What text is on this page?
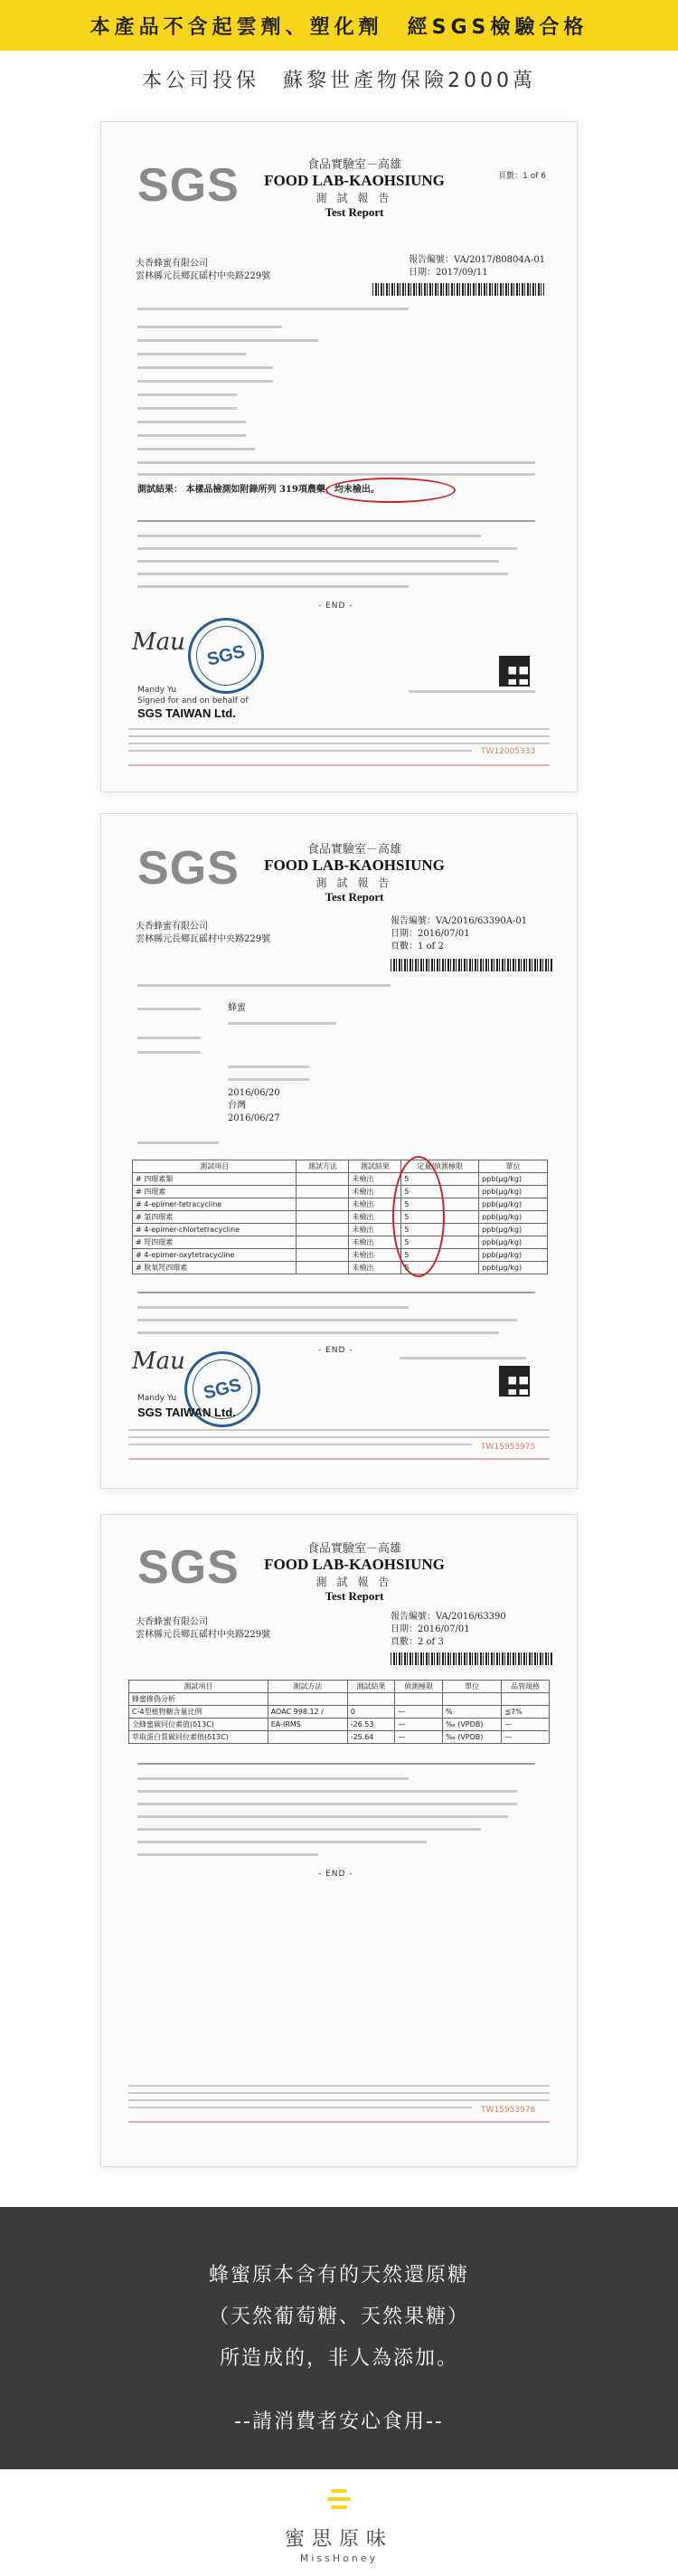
本產品不含起雲劑、塑化劑　經SGS檢驗合格
本公司投保　蘇黎世產物保險2000萬
SGS	食品實驗室－高雄
FOOD LAB-KAOHSIUNG
測 試 報 告
Test Report
頁數：1 of 6
夫香蜂蜜有限公司
雲林縣元長鄉瓦磘村中央路229號
報告編號：VA/2017/80804A-01
日期：2017/09/11
測試結果： 本樣品檢測如附錄所列 319項農藥，均未檢出。
- END -
Mau	SGS
Mandy Yu
Signed for and on behalf of
SGS TAIWAN Ltd.
TW12005333
SGS	食品實驗室－高雄
FOOD LAB-KAOHSIUNG
測 試 報 告
Test Report
夫香蜂蜜有限公司
雲林縣元長鄉瓦磘村中央路229號
報告編號：VA/2016/63390A-01
日期：2016/07/01
頁數：1 of 2
蜂蜜
2016/06/20
台灣
2016/06/27
測試項目	測試方法	測試結果	定量/偵測極限	單位
# 四環素類		未檢出	5	ppb(μg/kg)
# 四環素		未檢出	5	ppb(μg/kg)
# 4-epimer-tetracycline		未檢出	5	ppb(μg/kg)
# 氯四環素		未檢出	5	ppb(μg/kg)
# 4-epimer-chlortetracycline		未檢出	5	ppb(μg/kg)
# 羥四環素		未檢出	5	ppb(μg/kg)
# 4-epimer-oxytetracycline		未檢出	5	ppb(μg/kg)
# 脫氧羥四環素		未檢出	5	ppb(μg/kg)
- END -
Mau
SGS
Mandy Yu
SGS TAIWAN Ltd.
TW15953975
SGS	食品實驗室－高雄
FOOD LAB-KAOHSIUNG
測 試 報 告
Test Report
夫香蜂蜜有限公司
雲林縣元長鄉瓦磘村中央路229號
報告編號：VA/2016/63390
日期：2016/07/01
頁數：2 of 3
測試項目	測試方法	測試結果	偵測極限	單位	品管規格
蜂蜜摻偽分析					
C-4型植物糖含量比例	AOAC 998.12 /	0	—	%	≦7%
全蜂蜜碳同位素值(δ13C)	EA-IRMS	-26.53	—	‰ (VPDB)	—
萃取蛋白質碳同位素值(δ13C)		-25.64	—	‰ (VPDB)	—
- END -
TW15953976
蜂蜜原本含有的天然還原糖
（天然葡萄糖、天然果糖）
所造成的，非人為添加。
--請消費者安心食用--
蜜思原味
MissHoney
